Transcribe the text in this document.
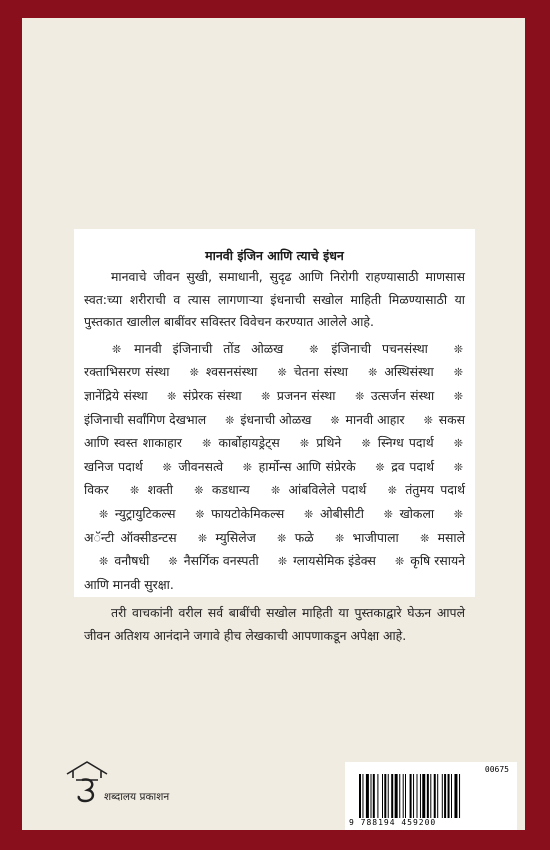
मानवी इंजिन आणि त्याचे इंधन

मानवाचे जीवन सुखी, समाधानी, सुदृढ आणि निरोगी राहण्यासाठी माणसास स्वत:च्या शरीराची व त्यास लागणाऱ्या इंधनाची सखोल माहिती मिळण्यासाठी या पुस्तकात खालील बाबींवर सविस्तर विवेचन करण्यात आलेले आहे.

❊ मानवी इंजिनाची तोंड ओळख ❊ इंजिनाची पचनसंस्था ❊ रक्ताभिसरण संस्था ❊ श्वसनसंस्था ❊ चेतना संस्था ❊ अस्थिसंस्था ❊ ज्ञानेंद्रिये संस्था ❊ संप्रेरक संस्था ❊ प्रजनन संस्था ❊ उत्सर्जन संस्था ❊ इंजिनाची सर्वांगिण देखभाल ❊ इंधनाची ओळख ❊ मानवी आहार ❊ सकस आणि स्वस्त शाकाहार ❊ कार्बोहायड्रेट्स ❊ प्रथिने ❊ स्निग्ध पदार्थ ❊ खनिज पदार्थ ❊ जीवनसत्वे ❊ हार्मोन्स आणि संप्रेरके ❊ द्रव पदार्थ ❊ विकर ❊ शक्ती ❊ कडधान्य ❊ आंबविलेले पदार्थ ❊ तंतुमय पदार्थ ❊ न्युट्रायुटिकल्स ❊ फायटोकेमिकल्स ❊ ओबीसीटी ❊ खोकला ❊ अॅन्टी ऑक्सीडन्टस ❊ म्युसिलेज ❊ फळे ❊ भाजीपाला ❊ मसाले ❊ वनौषधी ❊ नैसर्गिक वनस्पती ❊ ग्लायसेमिक इंडेक्स ❊ कृषि रसायने आणि मानवी सुरक्षा.

तरी वाचकांनी वरील सर्व बाबींची सखोल माहिती या पुस्तकाद्वारे घेऊन आपले जीवन अतिशय आनंदाने जगावे हीच लेखकाची आपणाकडून अपेक्षा आहे.

शब्दालय प्रकाशन
00675
9 788194 459200
